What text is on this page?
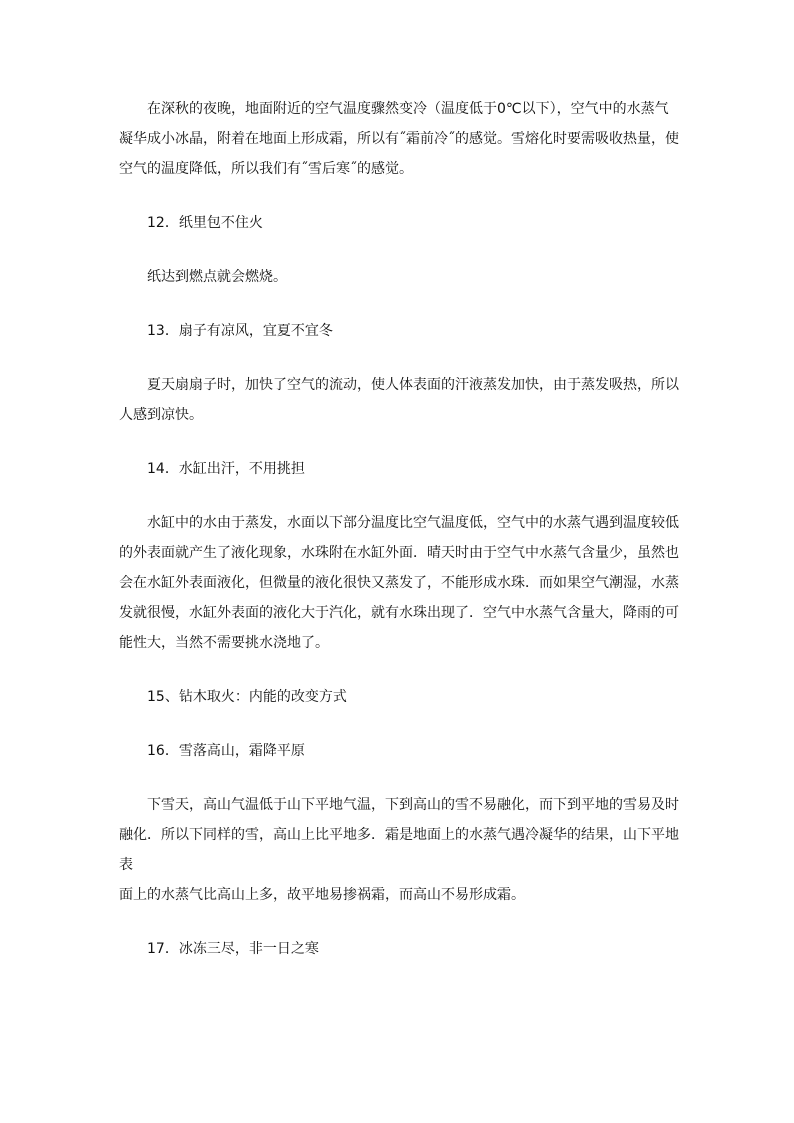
在深秋的夜晚，地面附近的空气温度骤然变冷（温度低于0℃以下），空气中的水蒸气
凝华成小冰晶，附着在地面上形成霜，所以有˝霜前冷˝的感觉。雪熔化时要需吸收热量，使
空气的温度降低，所以我们有˝雪后寒˝的感觉。

12．纸里包不住火

纸达到燃点就会燃烧。

13．扇子有凉风，宜夏不宜冬

夏天扇扇子时，加快了空气的流动，使人体表面的汗液蒸发加快，由于蒸发吸热，所以
人感到凉快。

14．水缸出汗，不用挑担

水缸中的水由于蒸发，水面以下部分温度比空气温度低，空气中的水蒸气遇到温度较低
的外表面就产生了液化现象，水珠附在水缸外面．晴天时由于空气中水蒸气含量少，虽然也
会在水缸外表面液化，但微量的液化很快又蒸发了，不能形成水珠．而如果空气潮湿，水蒸
发就很慢，水缸外表面的液化大于汽化，就有水珠出现了．空气中水蒸气含量大，降雨的可
能性大，当然不需要挑水浇地了。

15、钻木取火：内能的改变方式

16．雪落高山，霜降平原

下雪天，高山气温低于山下平地气温，下到高山的雪不易融化，而下到平地的雪易及时
融化．所以下同样的雪，高山上比平地多．霜是地面上的水蒸气遇冷凝华的结果，山下平地表
面上的水蒸气比高山上多，故平地易掺祸霜，而高山不易形成霜。

17．冰冻三尽，非一日之寒
